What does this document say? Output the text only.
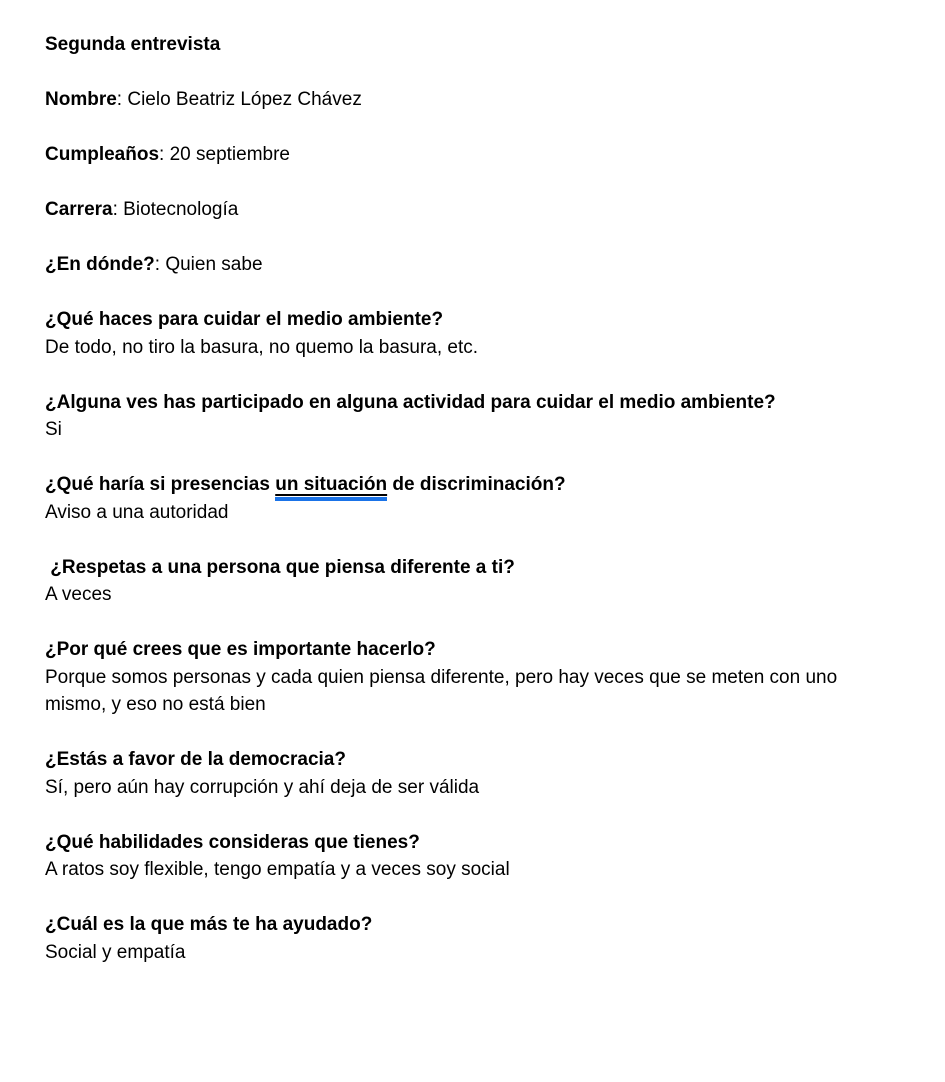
Segunda entrevista

Nombre: Cielo Beatriz López Chávez

Cumpleaños: 20 septiembre

Carrera: Biotecnología

¿En dónde?: Quien sabe

¿Qué haces para cuidar el medio ambiente?

De todo, no tiro la basura, no quemo la basura, etc.

¿Alguna ves has participado en alguna actividad para cuidar el medio ambiente?

Si

¿Qué haría si presencias un situación de discriminación?

Aviso a una autoridad

¿Respetas a una persona que piensa diferente a ti?

A veces

¿Por qué crees que es importante hacerlo?

Porque somos personas y cada quien piensa diferente, pero hay veces que se meten con uno mismo, y eso no está bien

¿Estás a favor de la democracia?

Sí, pero aún hay corrupción y ahí deja de ser válida

¿Qué habilidades consideras que tienes?

A ratos soy flexible, tengo empatía y a veces soy social

¿Cuál es la que más te ha ayudado?

Social y empatía
